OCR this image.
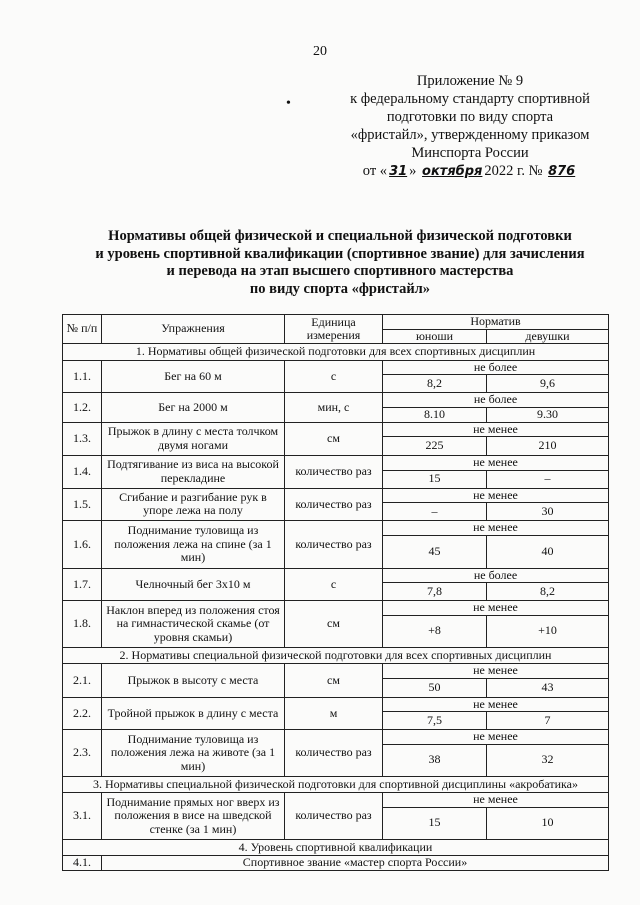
20
•
Приложение № 9
к федеральному стандарту спортивной
подготовки по виду спорта
«фристайл», утвержденному приказом
Минспорта России
от « 31 » октября 2022 г. № 876
Нормативы общей физической и специальной физической подготовки
и уровень спортивной квалификации (спортивное звание) для зачисления
и перевода на этап высшего спортивного мастерства
по виду спорта «фристайл»
№ п/п	Упражнения	Единица измерения	Норматив	
			юноши	девушки
1. Нормативы общей физической подготовки для всех спортивных дисциплин				
1.1.	Бег на 60 м	с	не более	
			8,2	9,6
1.2.	Бег на 2000 м	мин, с	не более	
			8.10	9.30
1.3.	Прыжок в длину с места толчком двумя ногами	см	не менее	
			225	210
1.4.	Подтягивание из виса на высокой перекладине	количество раз	не менее	
			15	–
1.5.	Сгибание и разгибание рук в упоре лежа на полу	количество раз	не менее	
			–	30
1.6.	Поднимание туловища из положения лежа на спине (за 1 мин)	количество раз	не менее	
			45	40
1.7.	Челночный бег 3x10 м	с	не более	
			7,8	8,2
1.8.	Наклон вперед из положения стоя на гимнастической скамье (от уровня скамьи)	см	не менее	
			+8	+10
2. Нормативы специальной физической подготовки для всех спортивных дисциплин				
2.1.	Прыжок в высоту с места	см	не менее	
			50	43
2.2.	Тройной прыжок в длину с места	м	не менее	
			7,5	7
2.3.	Поднимание туловища из положения лежа на животе (за 1 мин)	количество раз	не менее	
			38	32
3. Нормативы специальной физической подготовки для спортивной дисциплины «акробатика»				
3.1.	Поднимание прямых ног вверх из положения в висе на шведской стенке (за 1 мин)	количество раз	не менее	
			15	10
4. Уровень спортивной квалификации				
4.1.	Спортивное звание «мастер спорта России»			
